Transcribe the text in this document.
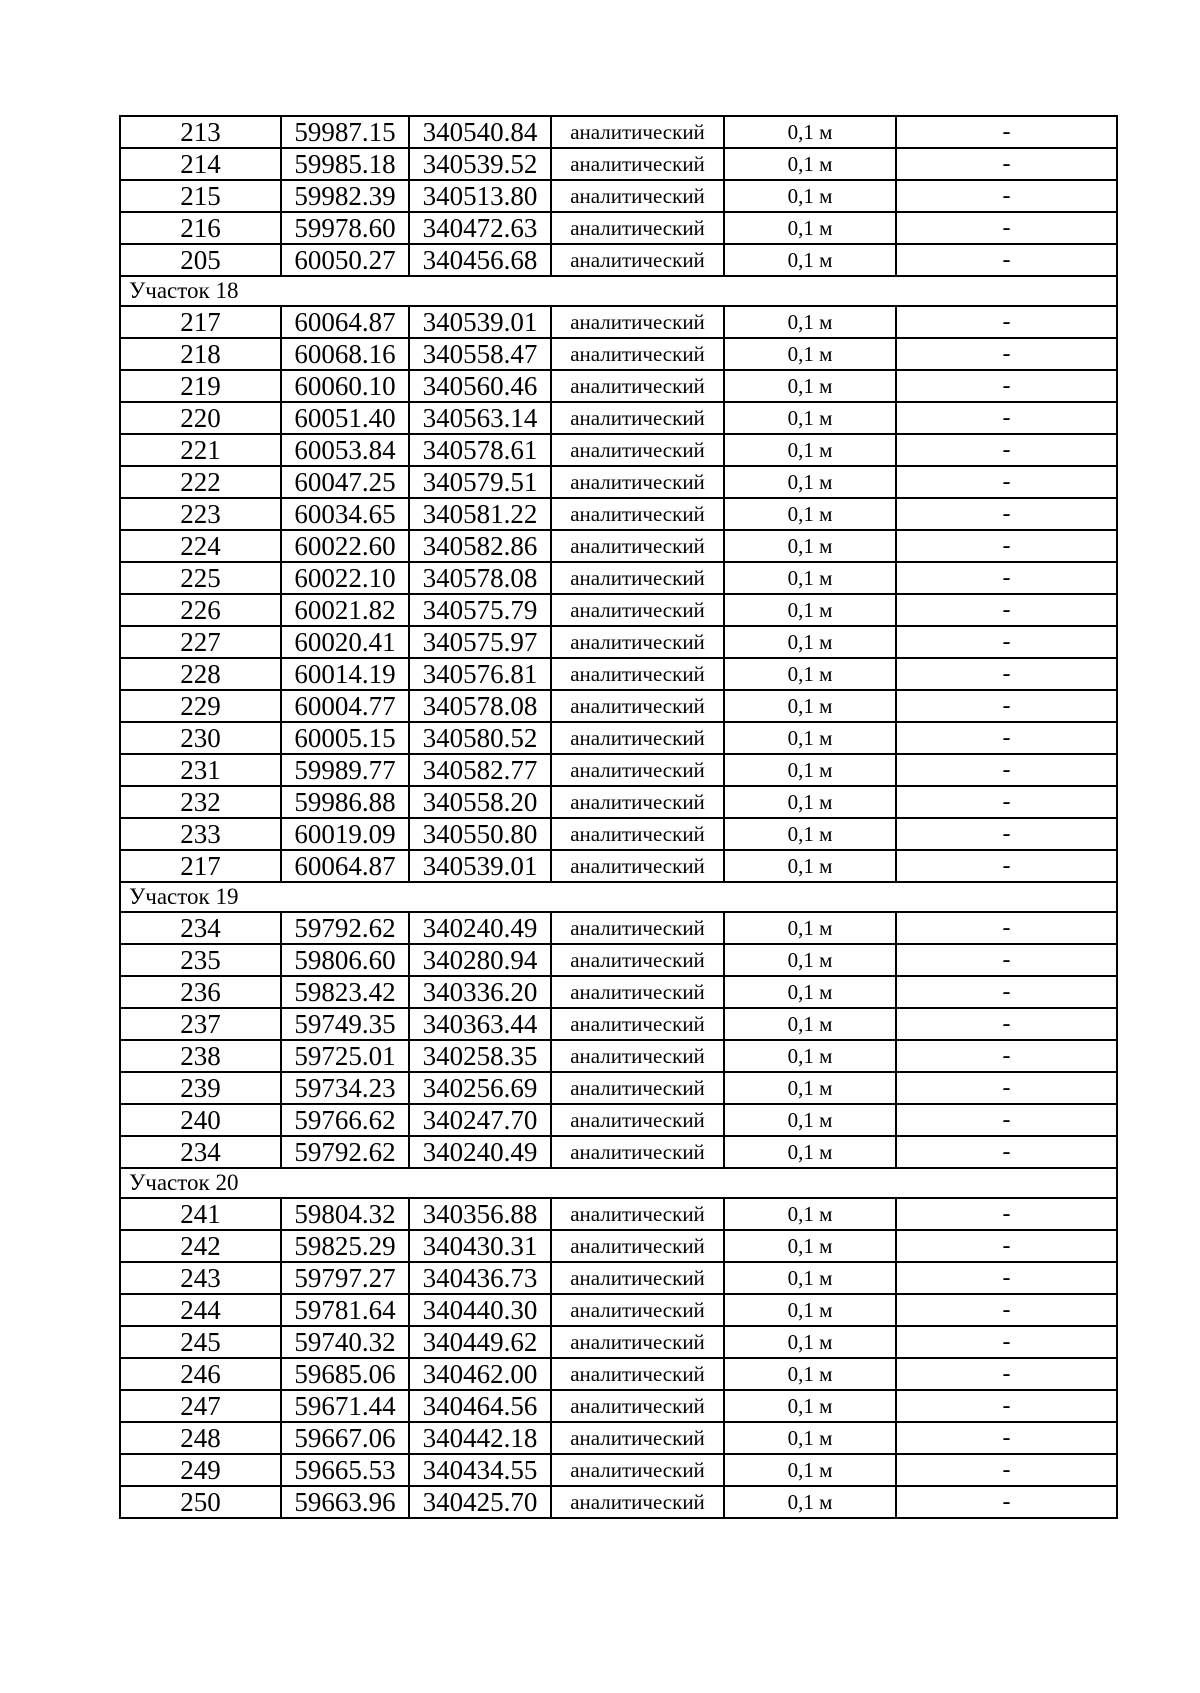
213	59987.15	340540.84	аналитический	0,1 м	-
214	59985.18	340539.52	аналитический	0,1 м	-
215	59982.39	340513.80	аналитический	0,1 м	-
216	59978.60	340472.63	аналитический	0,1 м	-
205	60050.27	340456.68	аналитический	0,1 м	-
Участок 18					
217	60064.87	340539.01	аналитический	0,1 м	-
218	60068.16	340558.47	аналитический	0,1 м	-
219	60060.10	340560.46	аналитический	0,1 м	-
220	60051.40	340563.14	аналитический	0,1 м	-
221	60053.84	340578.61	аналитический	0,1 м	-
222	60047.25	340579.51	аналитический	0,1 м	-
223	60034.65	340581.22	аналитический	0,1 м	-
224	60022.60	340582.86	аналитический	0,1 м	-
225	60022.10	340578.08	аналитический	0,1 м	-
226	60021.82	340575.79	аналитический	0,1 м	-
227	60020.41	340575.97	аналитический	0,1 м	-
228	60014.19	340576.81	аналитический	0,1 м	-
229	60004.77	340578.08	аналитический	0,1 м	-
230	60005.15	340580.52	аналитический	0,1 м	-
231	59989.77	340582.77	аналитический	0,1 м	-
232	59986.88	340558.20	аналитический	0,1 м	-
233	60019.09	340550.80	аналитический	0,1 м	-
217	60064.87	340539.01	аналитический	0,1 м	-
Участок 19					
234	59792.62	340240.49	аналитический	0,1 м	-
235	59806.60	340280.94	аналитический	0,1 м	-
236	59823.42	340336.20	аналитический	0,1 м	-
237	59749.35	340363.44	аналитический	0,1 м	-
238	59725.01	340258.35	аналитический	0,1 м	-
239	59734.23	340256.69	аналитический	0,1 м	-
240	59766.62	340247.70	аналитический	0,1 м	-
234	59792.62	340240.49	аналитический	0,1 м	-
Участок 20					
241	59804.32	340356.88	аналитический	0,1 м	-
242	59825.29	340430.31	аналитический	0,1 м	-
243	59797.27	340436.73	аналитический	0,1 м	-
244	59781.64	340440.30	аналитический	0,1 м	-
245	59740.32	340449.62	аналитический	0,1 м	-
246	59685.06	340462.00	аналитический	0,1 м	-
247	59671.44	340464.56	аналитический	0,1 м	-
248	59667.06	340442.18	аналитический	0,1 м	-
249	59665.53	340434.55	аналитический	0,1 м	-
250	59663.96	340425.70	аналитический	0,1 м	-
